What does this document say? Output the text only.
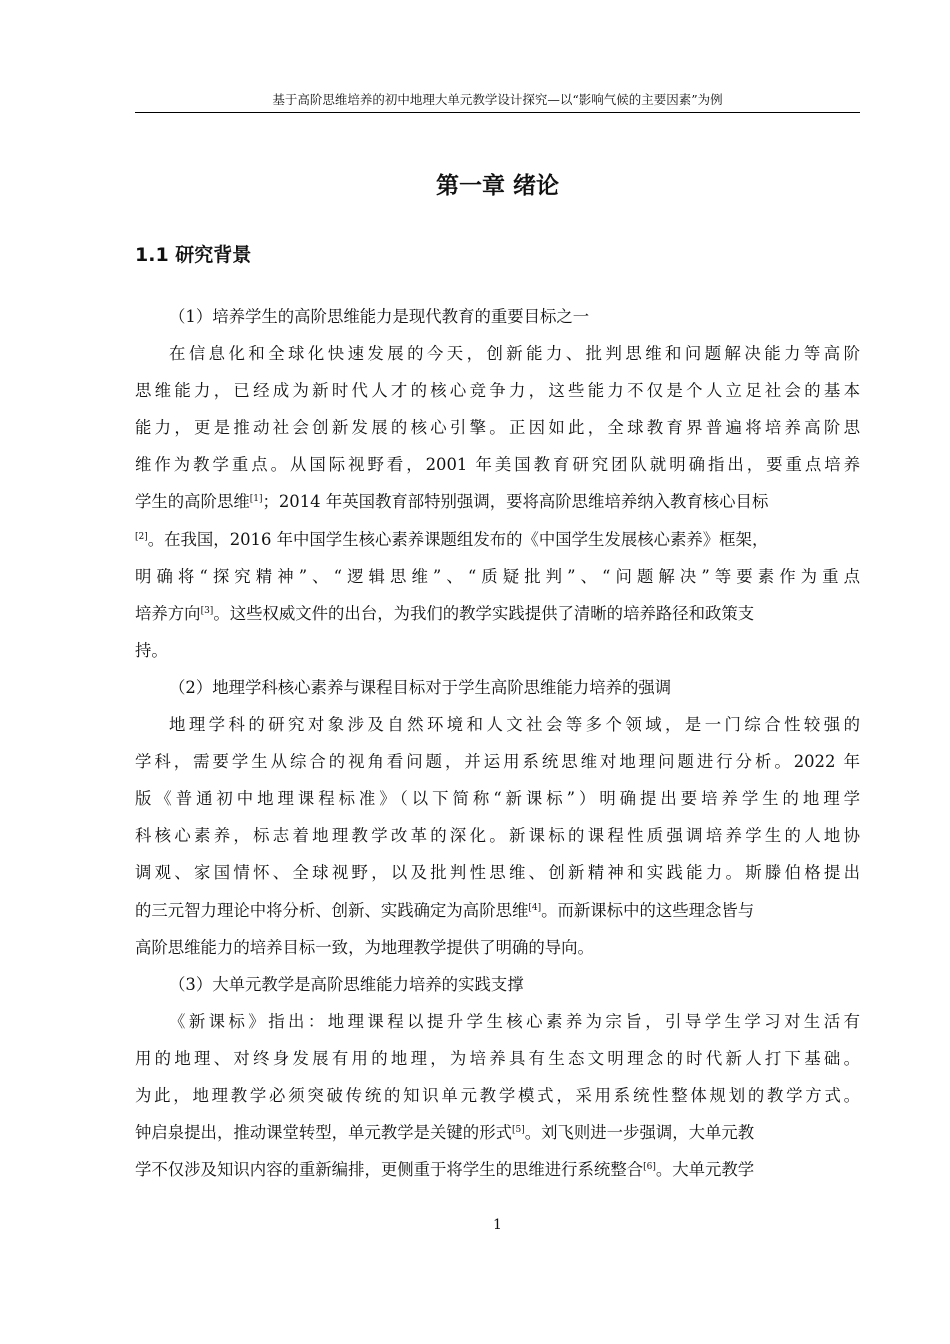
基于高阶思维培养的初中地理大单元教学设计探究—以“影响气候的主要因素”为例
第一章 绪论
1.1 研究背景
（1）培养学生的高阶思维能力是现代教育的重要目标之一
在信息化和全球化快速发展的今天，创新能力、批判思维和问题解决能力等高阶
思维能力，已经成为新时代人才的核心竞争力，这些能力不仅是个人立足社会的基本
能力，更是推动社会创新发展的核心引擎。正因如此，全球教育界普遍将培养高阶思
维作为教学重点。从国际视野看，2001 年美国教育研究团队就明确指出，要重点培养
学生的高阶思维[1]；2014 年英国教育部特别强调，要将高阶思维培养纳入教育核心目标
[2]。在我国，2016 年中国学生核心素养课题组发布的《中国学生发展核心素养》框架，
明确将“探究精神”、“逻辑思维”、“质疑批判”、“问题解决”等要素作为重点
培养方向[3]。这些权威文件的出台，为我们的教学实践提供了清晰的培养路径和政策支
持。
（2）地理学科核心素养与课程目标对于学生高阶思维能力培养的强调
地理学科的研究对象涉及自然环境和人文社会等多个领域，是一门综合性较强的
学科，需要学生从综合的视角看问题，并运用系统思维对地理问题进行分析。2022 年
版《普通初中地理课程标准》（以下简称“新课标”）明确提出要培养学生的地理学
科核心素养，标志着地理教学改革的深化。新课标的课程性质强调培养学生的人地协
调观、家国情怀、全球视野，以及批判性思维、创新精神和实践能力。斯滕伯格提出
的三元智力理论中将分析、创新、实践确定为高阶思维[4]。而新课标中的这些理念皆与
高阶思维能力的培养目标一致，为地理教学提供了明确的导向。
（3）大单元教学是高阶思维能力培养的实践支撑
《新课标》指出：地理课程以提升学生核心素养为宗旨，引导学生学习对生活有
用的地理、对终身发展有用的地理，为培养具有生态文明理念的时代新人打下基础。
为此，地理教学必须突破传统的知识单元教学模式，采用系统性整体规划的教学方式。
钟启泉提出，推动课堂转型，单元教学是关键的形式[5]。刘飞则进一步强调，大单元教
学不仅涉及知识内容的重新编排，更侧重于将学生的思维进行系统整合[6]。大单元教学
1
